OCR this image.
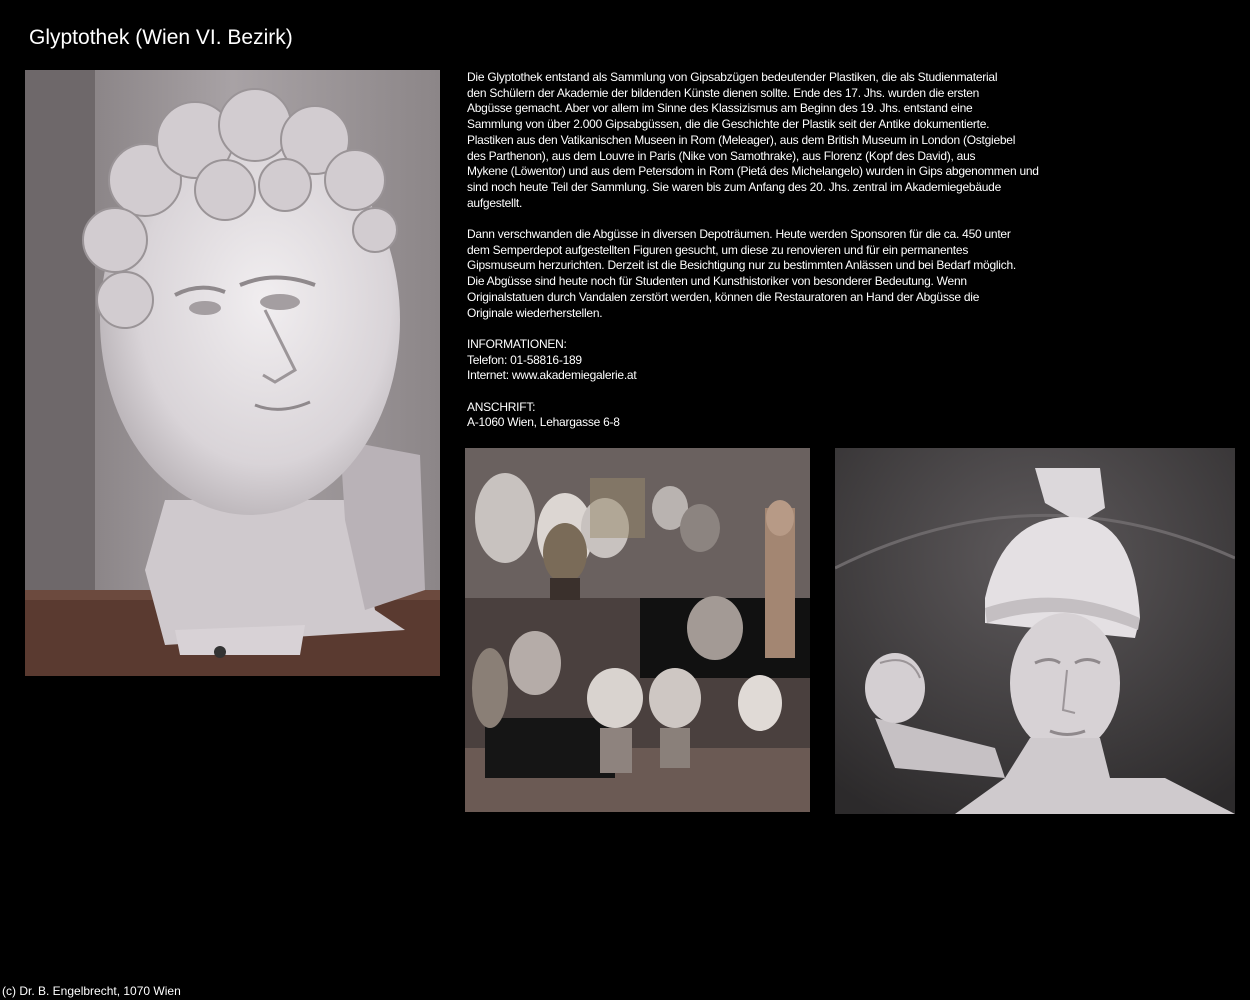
Glyptothek (Wien VI. Bezirk)

Die Glyptothek entstand als Sammlung von Gipsabzügen bedeutender Plastiken, die als Studienmaterial
den Schülern der Akademie der bildenden Künste dienen sollte. Ende des 17. Jhs. wurden die ersten
Abgüsse gemacht. Aber vor allem im Sinne des Klassizismus am Beginn des 19. Jhs. entstand eine
Sammlung von über 2.000 Gipsabgüssen, die die Geschichte der Plastik seit der Antike dokumentierte.
Plastiken aus den Vatikanischen Museen in Rom (Meleager), aus dem British Museum in London (Ostgiebel
des Parthenon), aus dem Louvre in Paris (Nike von Samothrake), aus Florenz (Kopf des David), aus
Mykene (Löwentor) und aus dem Petersdom in Rom (Pietá des Michelangelo) wurden in Gips abgenommen und
sind noch heute Teil der Sammlung. Sie waren bis zum Anfang des 20. Jhs. zentral im Akademiegebäude
aufgestellt.

Dann verschwanden die Abgüsse in diversen Depoträumen. Heute werden Sponsoren für die ca. 450 unter
dem Semperdepot aufgestellten Figuren gesucht, um diese zu renovieren und für ein permanentes
Gipsmuseum herzurichten. Derzeit ist die Besichtigung nur zu bestimmten Anlässen und bei Bedarf möglich.
Die Abgüsse sind heute noch für Studenten und Kunsthistoriker von besonderer Bedeutung. Wenn
Originalstatuen durch Vandalen zerstört werden, können die Restauratoren an Hand der Abgüsse die
Originale wiederherstellen.

INFORMATIONEN:
Telefon: 01-58816-189
Internet: www.akademiegalerie.at

ANSCHRIFT:
A-1060 Wien, Lehargasse 6-8

(c) Dr. B. Engelbrecht, 1070 Wien
